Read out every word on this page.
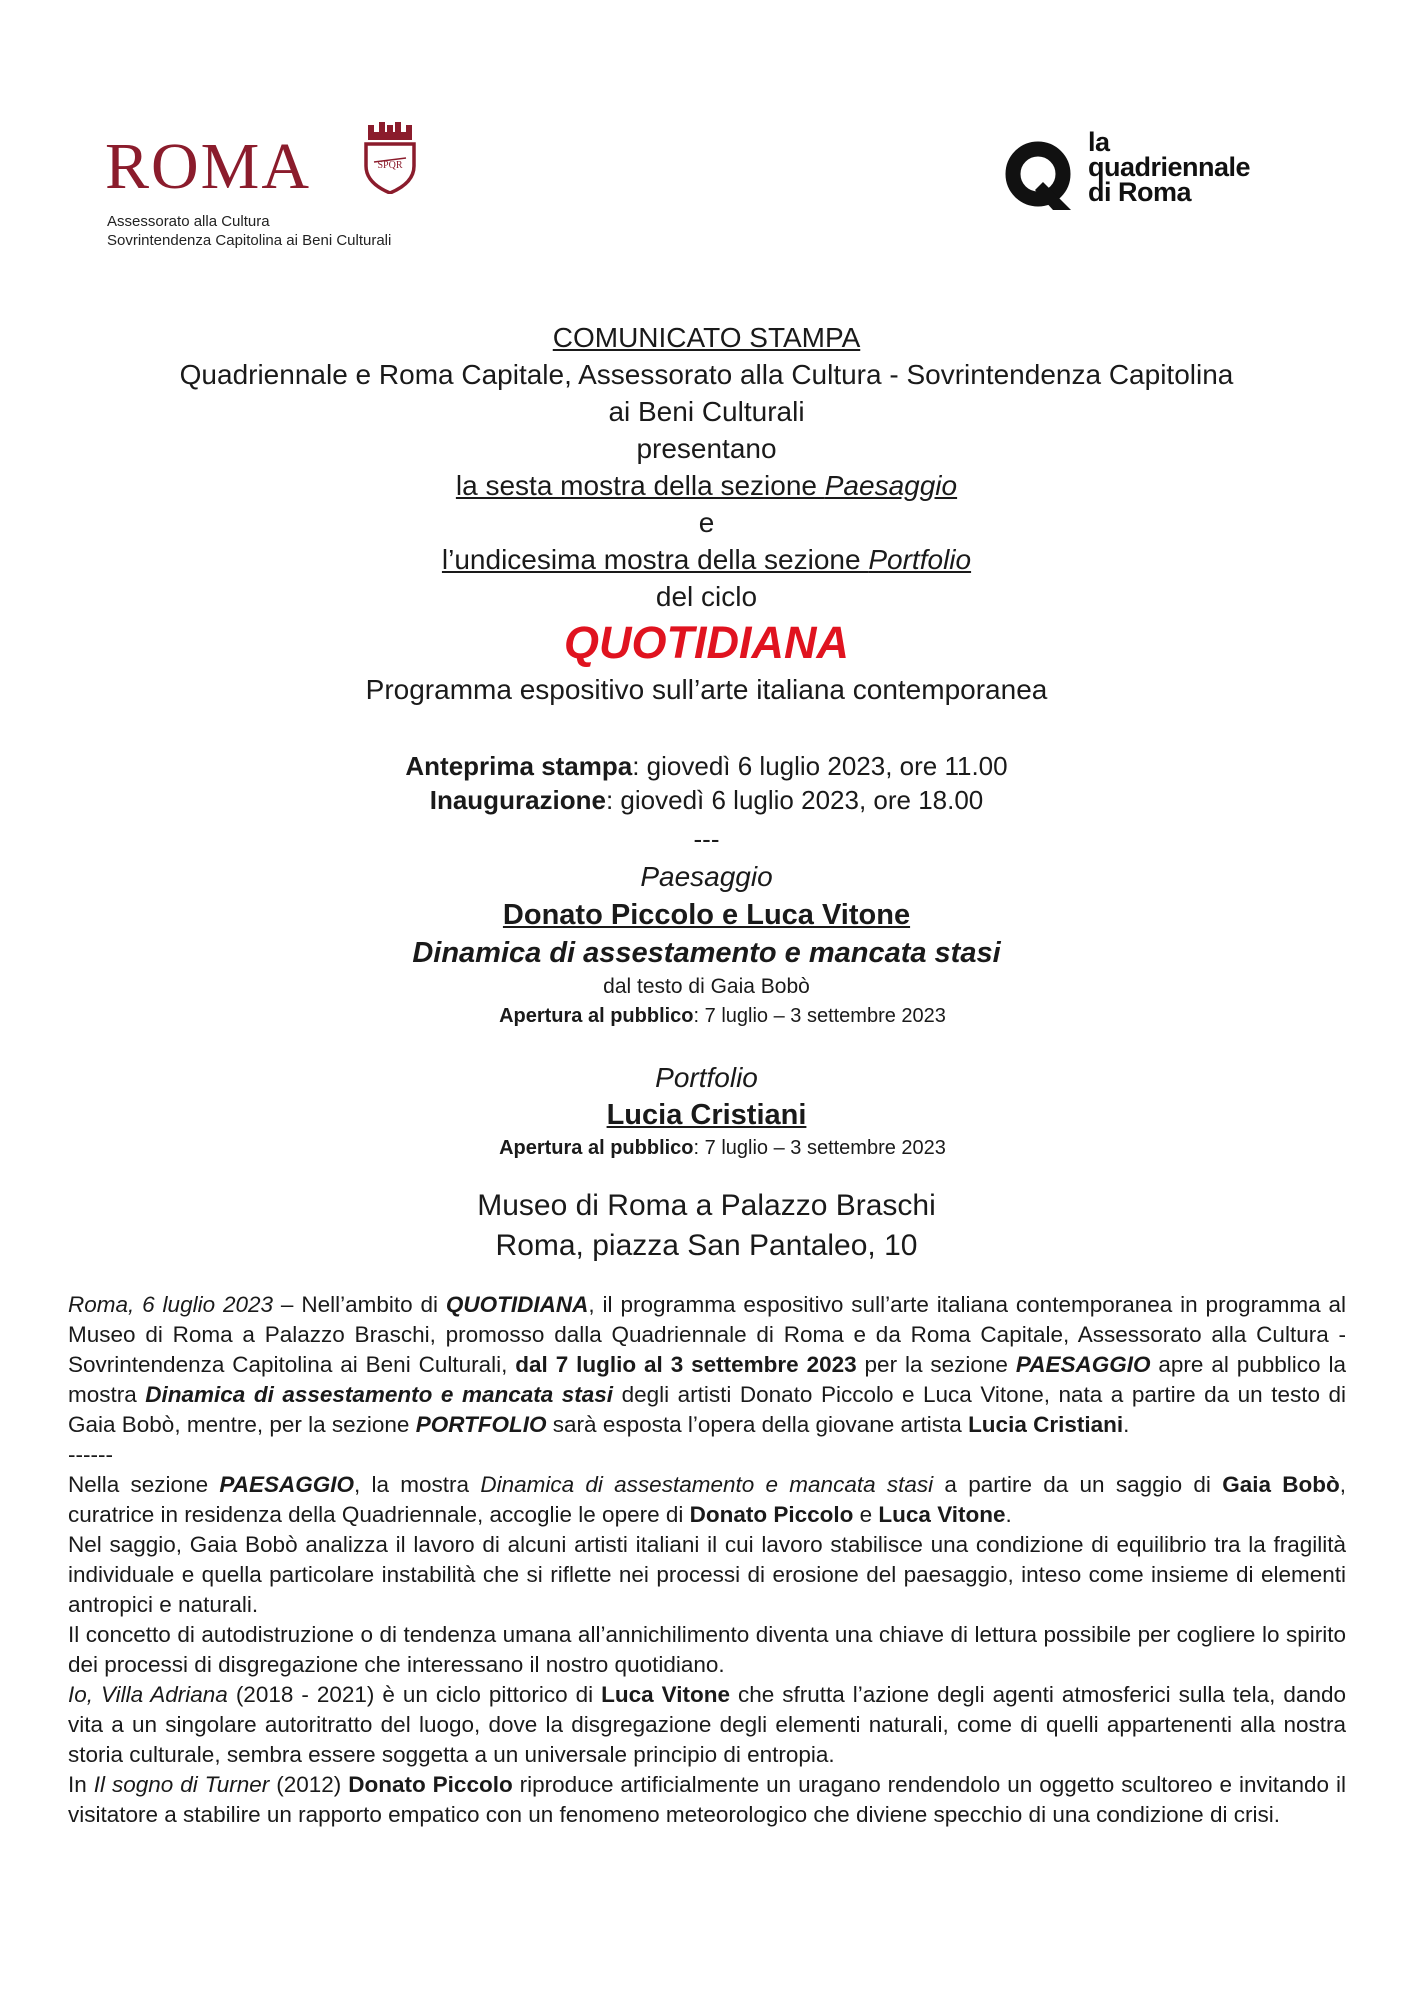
ROMA	SPQR
Assessorato alla Cultura
Sovrintendenza Capitolina ai Beni Culturali
la
quadriennale
di Roma
COMUNICATO STAMPA
Quadriennale e Roma Capitale, Assessorato alla Cultura - Sovrintendenza Capitolina
ai Beni Culturali
presentano
la sesta mostra della sezione Paesaggio
e
l’undicesima mostra della sezione Portfolio
del ciclo
QUOTIDIANA
Programma espositivo sull’arte italiana contemporanea
Anteprima stampa: giovedì 6 luglio 2023, ore 11.00
Inaugurazione: giovedì 6 luglio 2023, ore 18.00
---
Paesaggio
Donato Piccolo e Luca Vitone
Dinamica di assestamento e mancata stasi
dal testo di Gaia Bobò
Apertura al pubblico: 7 luglio – 3 settembre 2023
Portfolio
Lucia Cristiani
Apertura al pubblico: 7 luglio – 3 settembre 2023
Museo di Roma a Palazzo Braschi
Roma, piazza San Pantaleo, 10

Roma, 6 luglio 2023 – Nell’ambito di QUOTIDIANA, il programma espositivo sull’arte italiana contemporanea in programma al Museo di Roma a Palazzo Braschi, promosso dalla Quadriennale di Roma e da Roma Capitale, Assessorato alla Cultura - Sovrintendenza Capitolina ai Beni Culturali, dal 7 luglio al 3 settembre 2023 per la sezione PAESAGGIO apre al pubblico la mostra Dinamica di assestamento e mancata stasi degli artisti Donato Piccolo e Luca Vitone, nata a partire da un testo di Gaia Bobò, mentre, per la sezione PORTFOLIO sarà esposta l’opera della giovane artista Lucia Cristiani.

------

Nella sezione PAESAGGIO, la mostra Dinamica di assestamento e mancata stasi a partire da un saggio di Gaia Bobò, curatrice in residenza della Quadriennale, accoglie le opere di Donato Piccolo e Luca Vitone.

Nel saggio, Gaia Bobò analizza il lavoro di alcuni artisti italiani il cui lavoro stabilisce una condizione di equilibrio tra la fragilità individuale e quella particolare instabilità che si riflette nei processi di erosione del paesaggio, inteso come insieme di elementi antropici e naturali.

Il concetto di autodistruzione o di tendenza umana all’annichilimento diventa una chiave di lettura possibile per cogliere lo spirito dei processi di disgregazione che interessano il nostro quotidiano.

Io, Villa Adriana (2018 - 2021) è un ciclo pittorico di Luca Vitone che sfrutta l’azione degli agenti atmosferici sulla tela, dando vita a un singolare autoritratto del luogo, dove la disgregazione degli elementi naturali, come di quelli appartenenti alla nostra storia culturale, sembra essere soggetta a un universale principio di entropia.

In Il sogno di Turner (2012) Donato Piccolo riproduce artificialmente un uragano rendendolo un oggetto scultoreo e invitando il visitatore a stabilire un rapporto empatico con un fenomeno meteorologico che diviene specchio di una condizione di crisi.
